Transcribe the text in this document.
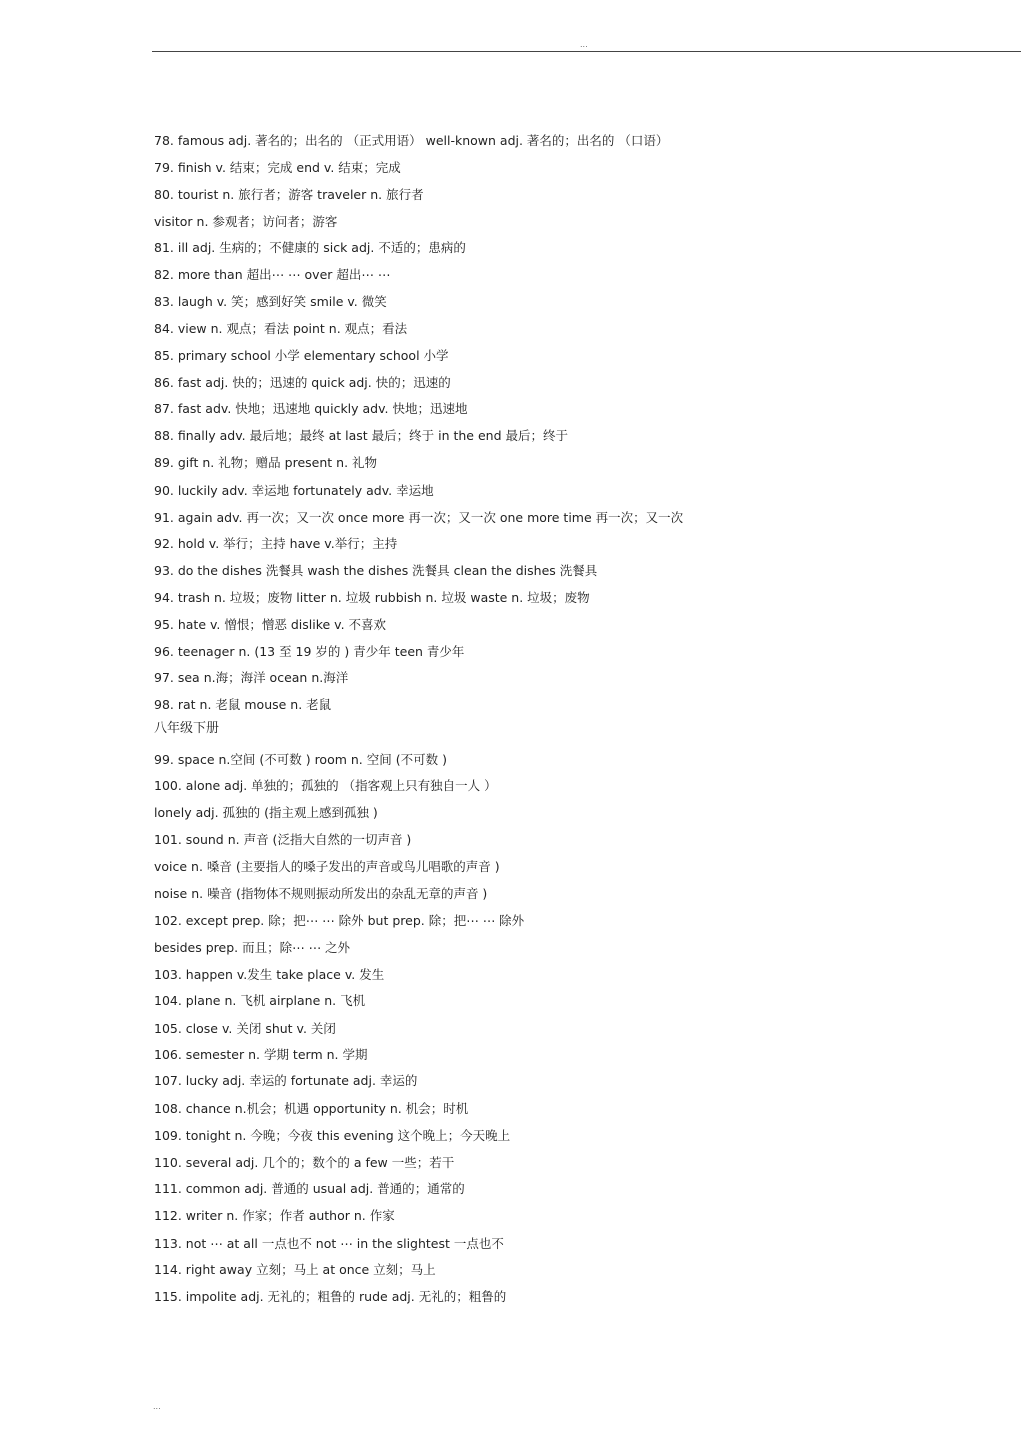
...
78. famous adj. 著名的；出名的 （正式用语） well-known adj. 著名的；出名的 （口语）
79. finish v. 结束；完成 end v. 结束；完成
80. tourist n. 旅行者；游客 traveler n. 旅行者
visitor n. 参观者；访问者；游客
81. ill adj. 生病的；不健康的 sick adj. 不适的；患病的
82. more than 超出⋯ ⋯ over 超出⋯ ⋯
83. laugh v. 笑；感到好笑 smile v. 微笑
84. view n. 观点；看法 point n. 观点；看法
85. primary school 小学 elementary school 小学
86. fast adj. 快的；迅速的 quick adj. 快的；迅速的
87. fast adv. 快地；迅速地 quickly adv. 快地；迅速地
88. finally adv. 最后地；最终 at last 最后；终于 in the end 最后；终于
89. gift n. 礼物；赠品 present n. 礼物
90. luckily adv. 幸运地 fortunately adv. 幸运地
91. again adv. 再一次；又一次 once more 再一次；又一次 one more time 再一次；又一次
92. hold v. 举行；主持 have v.举行；主持
93. do the dishes 洗餐具 wash the dishes 洗餐具 clean the dishes 洗餐具
94. trash n. 垃圾；废物 litter n. 垃圾 rubbish n. 垃圾 waste n. 垃圾；废物
95. hate v. 憎恨；憎恶 dislike v. 不喜欢
96. teenager n. (13 至 19 岁的 ) 青少年 teen 青少年
97. sea n.海；海洋 ocean n.海洋
98. rat n. 老鼠 mouse n. 老鼠
八年级下册
99. space n.空间 (不可数 ) room n. 空间 (不可数 )
100. alone adj. 单独的；孤独的 （指客观上只有独自一人 ）
lonely adj. 孤独的 (指主观上感到孤独 )
101. sound n. 声音 (泛指大自然的一切声音 )
voice n. 嗓音 (主要指人的嗓子发出的声音或鸟儿唱歌的声音 )
noise n. 噪音 (指物体不规则振动所发出的杂乱无章的声音 )
102. except prep. 除；把⋯ ⋯ 除外 but prep. 除；把⋯ ⋯ 除外
besides prep. 而且；除⋯ ⋯ 之外
103. happen v.发生 take place v. 发生
104. plane n. 飞机 airplane n. 飞机
105. close v. 关闭 shut v. 关闭
106. semester n. 学期 term n. 学期
107. lucky adj. 幸运的 fortunate adj. 幸运的
108. chance n.机会；机遇 opportunity n. 机会；时机
109. tonight n. 今晚；今夜 this evening 这个晚上；今天晚上
110. several adj. 几个的；数个的 a few 一些；若干
111. common adj. 普通的 usual adj. 普通的；通常的
112. writer n. 作家；作者 author n. 作家
113. not ⋯ at all 一点也不 not ⋯ in the slightest 一点也不
114. right away 立刻；马上 at once 立刻；马上
115. impolite adj. 无礼的；粗鲁的 rude adj. 无礼的；粗鲁的
...
